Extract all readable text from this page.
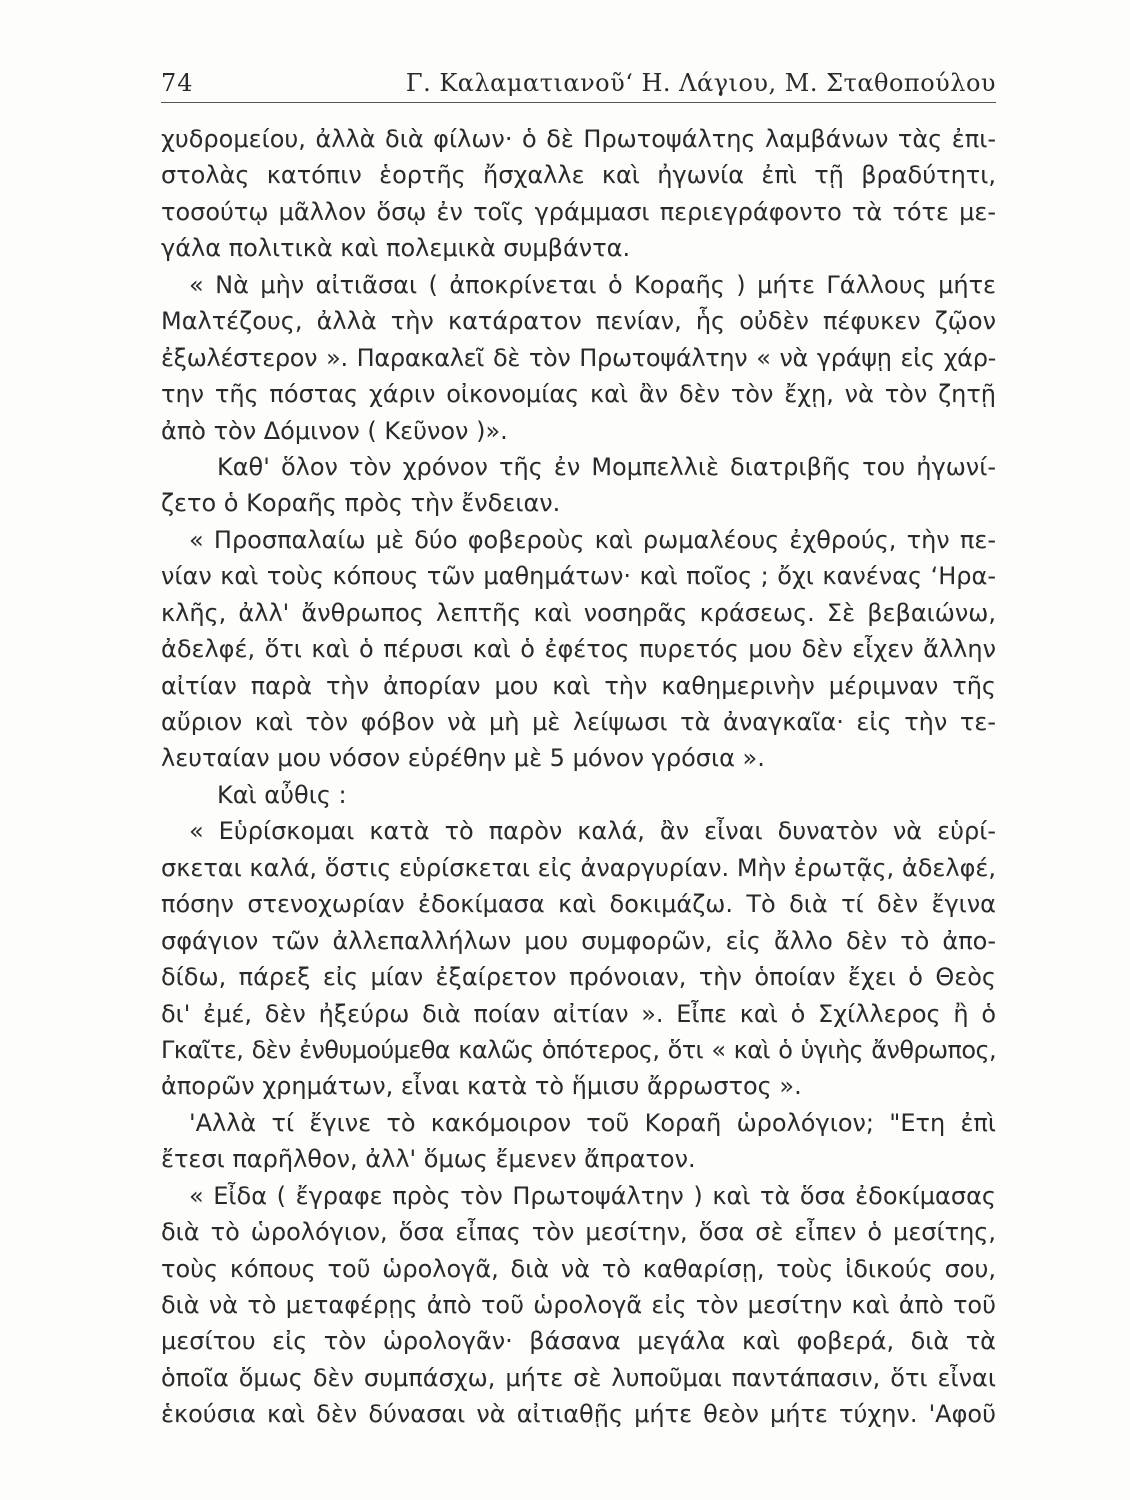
74	Γ. Καλαματιανοῦ‘ Η. Λάγιου, Μ. Σταθοπούλου
χυδρομείου, ἀλλὰ διὰ φίλων· ὁ δὲ Πρωτοψάλτης λαμβάνων τὰς ἐπι-
στολὰς κατόπιν ἑορτῆς ἤσχαλλε καὶ ἠγωνία ἐπὶ τῇ βραδύτητι,
τοσούτῳ μᾶλλον ὅσῳ ἐν τοῖς γράμμασι περιεγράφοντο τὰ τότε με-
γάλα πολιτικὰ καὶ πολεμικὰ συμβάντα.
« Νὰ μὴν αἰτιᾶσαι ( ἀποκρίνεται ὁ Κοραῆς ) μήτε Γάλλους μήτε
Μαλτέζους, ἀλλὰ τὴν κατάρατον πενίαν, ἧς οὐδὲν πέφυκεν ζῷον
ἐξωλέστερον ». Παρακαλεῖ δὲ τὸν Πρωτοψάλτην « νὰ γράψῃ εἰς χάρ-
την τῆς πόστας χάριν οἰκονομίας καὶ ἂν δὲν τὸν ἔχῃ, νὰ τὸν ζητῇ
ἀπὸ τὸν Δόμινον ( Κεῦνον )».
Καθ' ὅλον τὸν χρόνον τῆς ἐν Μομπελλιὲ διατριβῆς του ἠγωνί-
ζετο ὁ Κοραῆς πρὸς τὴν ἔνδειαν.
« Προσπαλαίω μὲ δύο φοβεροὺς καὶ ρωμαλέους ἐχθρούς, τὴν πε-
νίαν καὶ τοὺς κόπους τῶν μαθημάτων· καὶ ποῖος ; ὄχι κανένας ‘Ηρα-
κλῆς, ἀλλ' ἄνθρωπος λεπτῆς καὶ νοσηρᾶς κράσεως. Σὲ βεβαιώνω,
ἀδελφέ, ὅτι καὶ ὁ πέρυσι καὶ ὁ ἐφέτος πυρετός μου δὲν εἶχεν ἄλλην
αἰτίαν παρὰ τὴν ἀπορίαν μου καὶ τὴν καθημερινὴν μέριμναν τῆς
αὔριον καὶ τὸν φόβον νὰ μὴ μὲ λείψωσι τὰ ἀναγκαῖα· εἰς τὴν τε-
λευταίαν μου νόσον εὑρέθην μὲ 5 μόνον γρόσια ».
Καὶ αὖθις :
« Εὑρίσκομαι κατὰ τὸ παρὸν καλά, ἂν εἶναι δυνατὸν νὰ εὑρί-
σκεται καλά, ὅστις εὑρίσκεται εἰς ἀναργυρίαν. Μὴν ἐρωτᾷς, ἀδελφέ,
πόσην στενοχωρίαν ἐδοκίμασα καὶ δοκιμάζω. Τὸ διὰ τί δὲν ἔγινα
σφάγιον τῶν ἀλλεπαλλήλων μου συμφορῶν, εἰς ἄλλο δὲν τὸ ἀπο-
δίδω, πάρεξ εἰς μίαν ἐξαίρετον πρόνοιαν, τὴν ὁποίαν ἔχει ὁ Θεὸς
δι' ἐμέ, δὲν ἠξεύρω διὰ ποίαν αἰτίαν ». Εἶπε καὶ ὁ Σχίλλερος ἢ ὁ
Γκαῖτε, δὲν ἐνθυμούμεθα καλῶς ὁπότερος, ὅτι « καὶ ὁ ὑγιὴς ἄνθρωπος,
ἀπορῶν χρημάτων, εἶναι κατὰ τὸ ἥμισυ ἄρρωστος ».
'Αλλὰ τί ἔγινε τὸ κακόμοιρον τοῦ Κοραῆ ὡρολόγιον; "Ετη ἐπὶ
ἔτεσι παρῆλθον, ἀλλ' ὅμως ἔμενεν ἄπρατον.
« Εἶδα ( ἔγραφε πρὸς τὸν Πρωτοψάλτην ) καὶ τὰ ὅσα ἐδοκίμασας
διὰ τὸ ὡρολόγιον, ὅσα εἶπας τὸν μεσίτην, ὅσα σὲ εἶπεν ὁ μεσίτης,
τοὺς κόπους τοῦ ὡρολογᾶ, διὰ νὰ τὸ καθαρίσῃ, τοὺς ἰδικούς σου,
διὰ νὰ τὸ μεταφέρῃς ἀπὸ τοῦ ὡρολογᾶ εἰς τὸν μεσίτην καὶ ἀπὸ τοῦ
μεσίτου εἰς τὸν ὡρολογᾶν· βάσανα μεγάλα καὶ φοβερά, διὰ τὰ
ὁποῖα ὅμως δὲν συμπάσχω, μήτε σὲ λυποῦμαι παντάπασιν, ὅτι εἶναι
ἑκούσια καὶ δὲν δύνασαι νὰ αἰτιαθῇς μήτε θεὸν μήτε τύχην. 'Αφοῦ
